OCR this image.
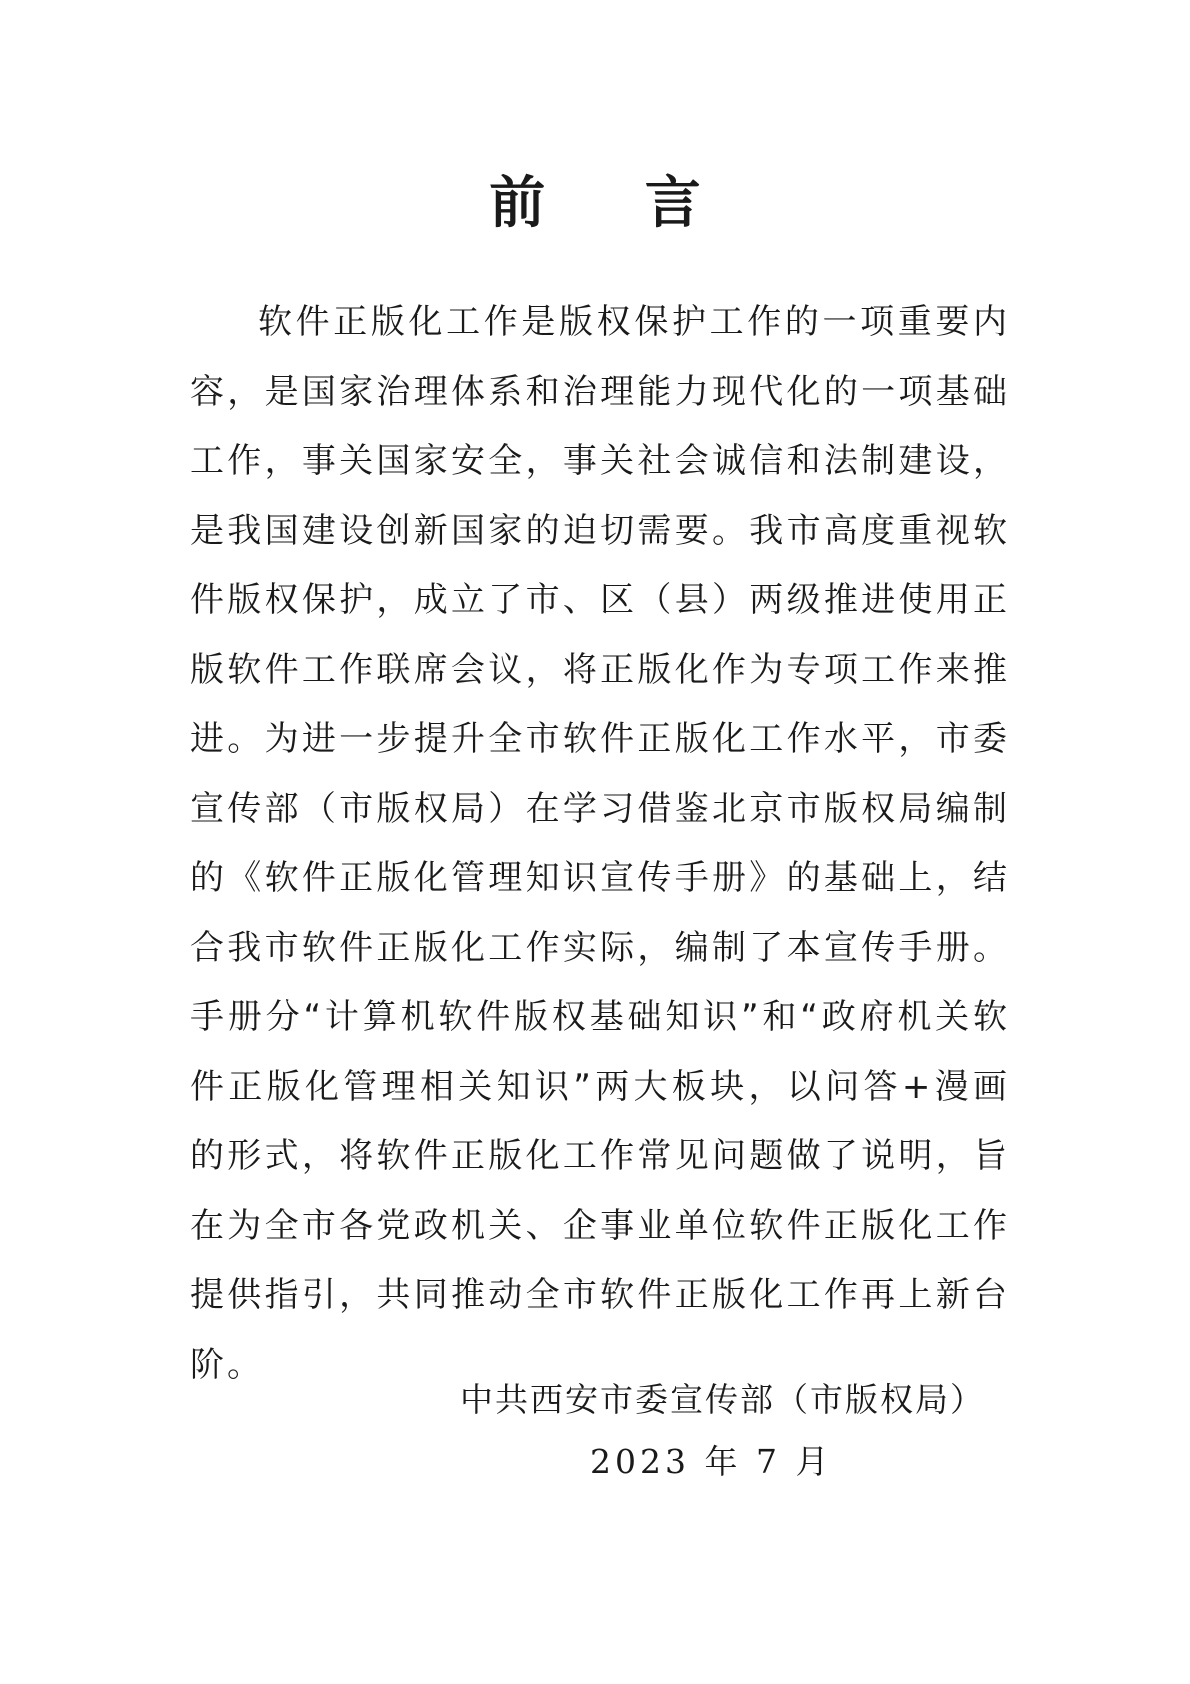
前 言

软件正版化工作是版权保护工作的一项重要内容，是国家治理体系和治理能力现代化的一项基础工作，事关国家安全，事关社会诚信和法制建设，是我国建设创新国家的迫切需要。我市高度重视软件版权保护，成立了市、区（县）两级推进使用正版软件工作联席会议，将正版化作为专项工作来推进。为进一步提升全市软件正版化工作水平，市委宣传部（市版权局）在学习借鉴北京市版权局编制的《软件正版化管理知识宣传手册》的基础上，结合我市软件正版化工作实际，编制了本宣传手册。手册分“计算机软件版权基础知识”和“政府机关软件正版化管理相关知识”两大板块，以问答+漫画的形式，将软件正版化工作常见问题做了说明，旨在为全市各党政机关、企事业单位软件正版化工作提供指引，共同推动全市软件正版化工作再上新台阶。

中共西安市委宣传部（市版权局）
2023 年 7 月
